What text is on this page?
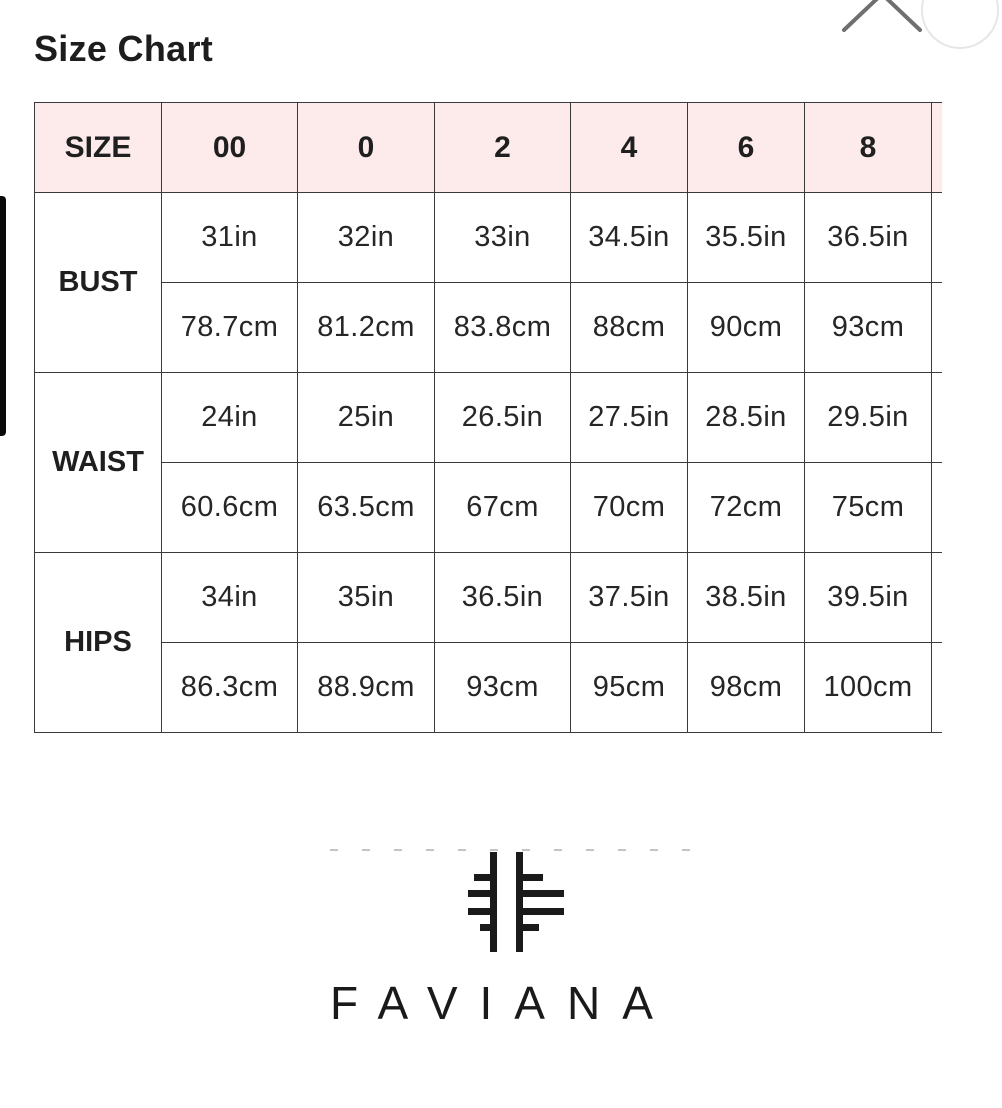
Size Chart
SIZE	00	0	2	4	6	8	
BUST	31in	32in	33in	34.5in	35.5in	36.5in	
	78.7cm	81.2cm	83.8cm	88cm	90cm	93cm	
WAIST	24in	25in	26.5in	27.5in	28.5in	29.5in	
	60.6cm	63.5cm	67cm	70cm	72cm	75cm	
HIPS	34in	35in	36.5in	37.5in	38.5in	39.5in	
	86.3cm	88.9cm	93cm	95cm	98cm	100cm	
FAVIANA
